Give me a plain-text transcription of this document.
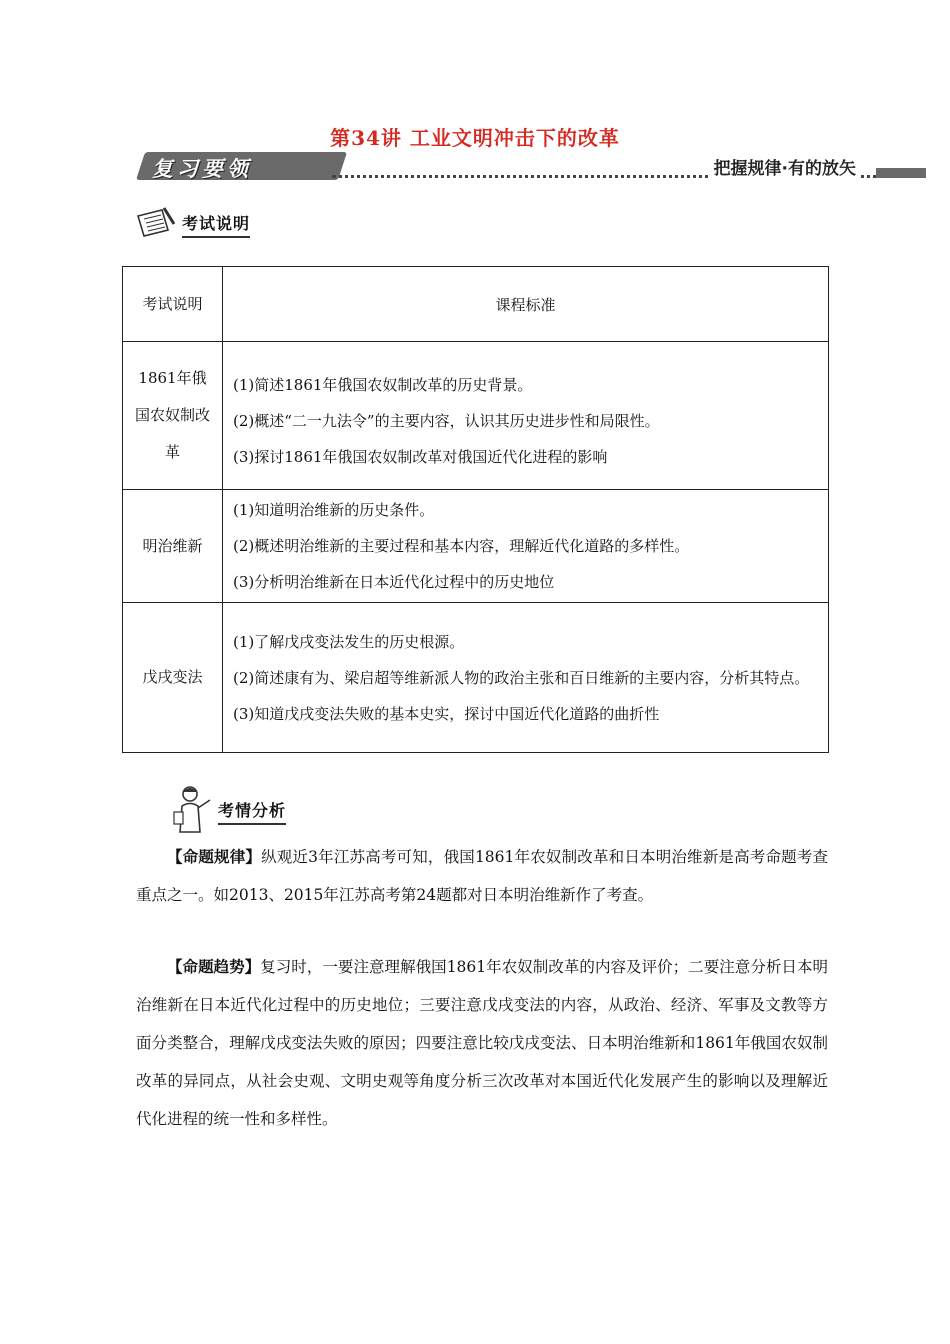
第34讲 工业文明冲击下的改革
复习要领	把握规律·有的放矢
考试说明
考试说明	课程标准
1861年俄国农奴制改革	(1)简述1861年俄国农奴制改革的历史背景。
(2)概述“二一九法令”的主要内容，认识其历史进步性和局限性。
(3)探讨1861年俄国农奴制改革对俄国近代化进程的影响

明治维新	(1)知道明治维新的历史条件。
(2)概述明治维新的主要过程和基本内容，理解近代化道路的多样性。
(3)分析明治维新在日本近代化过程中的历史地位

戊戌变法	(1)了解戊戌变法发生的历史根源。
(2)简述康有为、梁启超等维新派人物的政治主张和百日维新的主要内容，分析其特点。
(3)知道戊戌变法失败的基本史实，探讨中国近代化道路的曲折性
考情分析
【命题规律】纵观近3年江苏高考可知，俄国1861年农奴制改革和日本明治维新是高考命题考查重点之一。如2013、2015年江苏高考第24题都对日本明治维新作了考查。
【命题趋势】复习时，一要注意理解俄国1861年农奴制改革的内容及评价；二要注意分析日本明治维新在日本近代化过程中的历史地位；三要注意戊戌变法的内容，从政治、经济、军事及文教等方面分类整合，理解戊戌变法失败的原因；四要注意比较戊戌变法、日本明治维新和1861年俄国农奴制改革的异同点，从社会史观、文明史观等角度分析三次改革对本国近代化发展产生的影响以及理解近代化进程的统一性和多样性。
